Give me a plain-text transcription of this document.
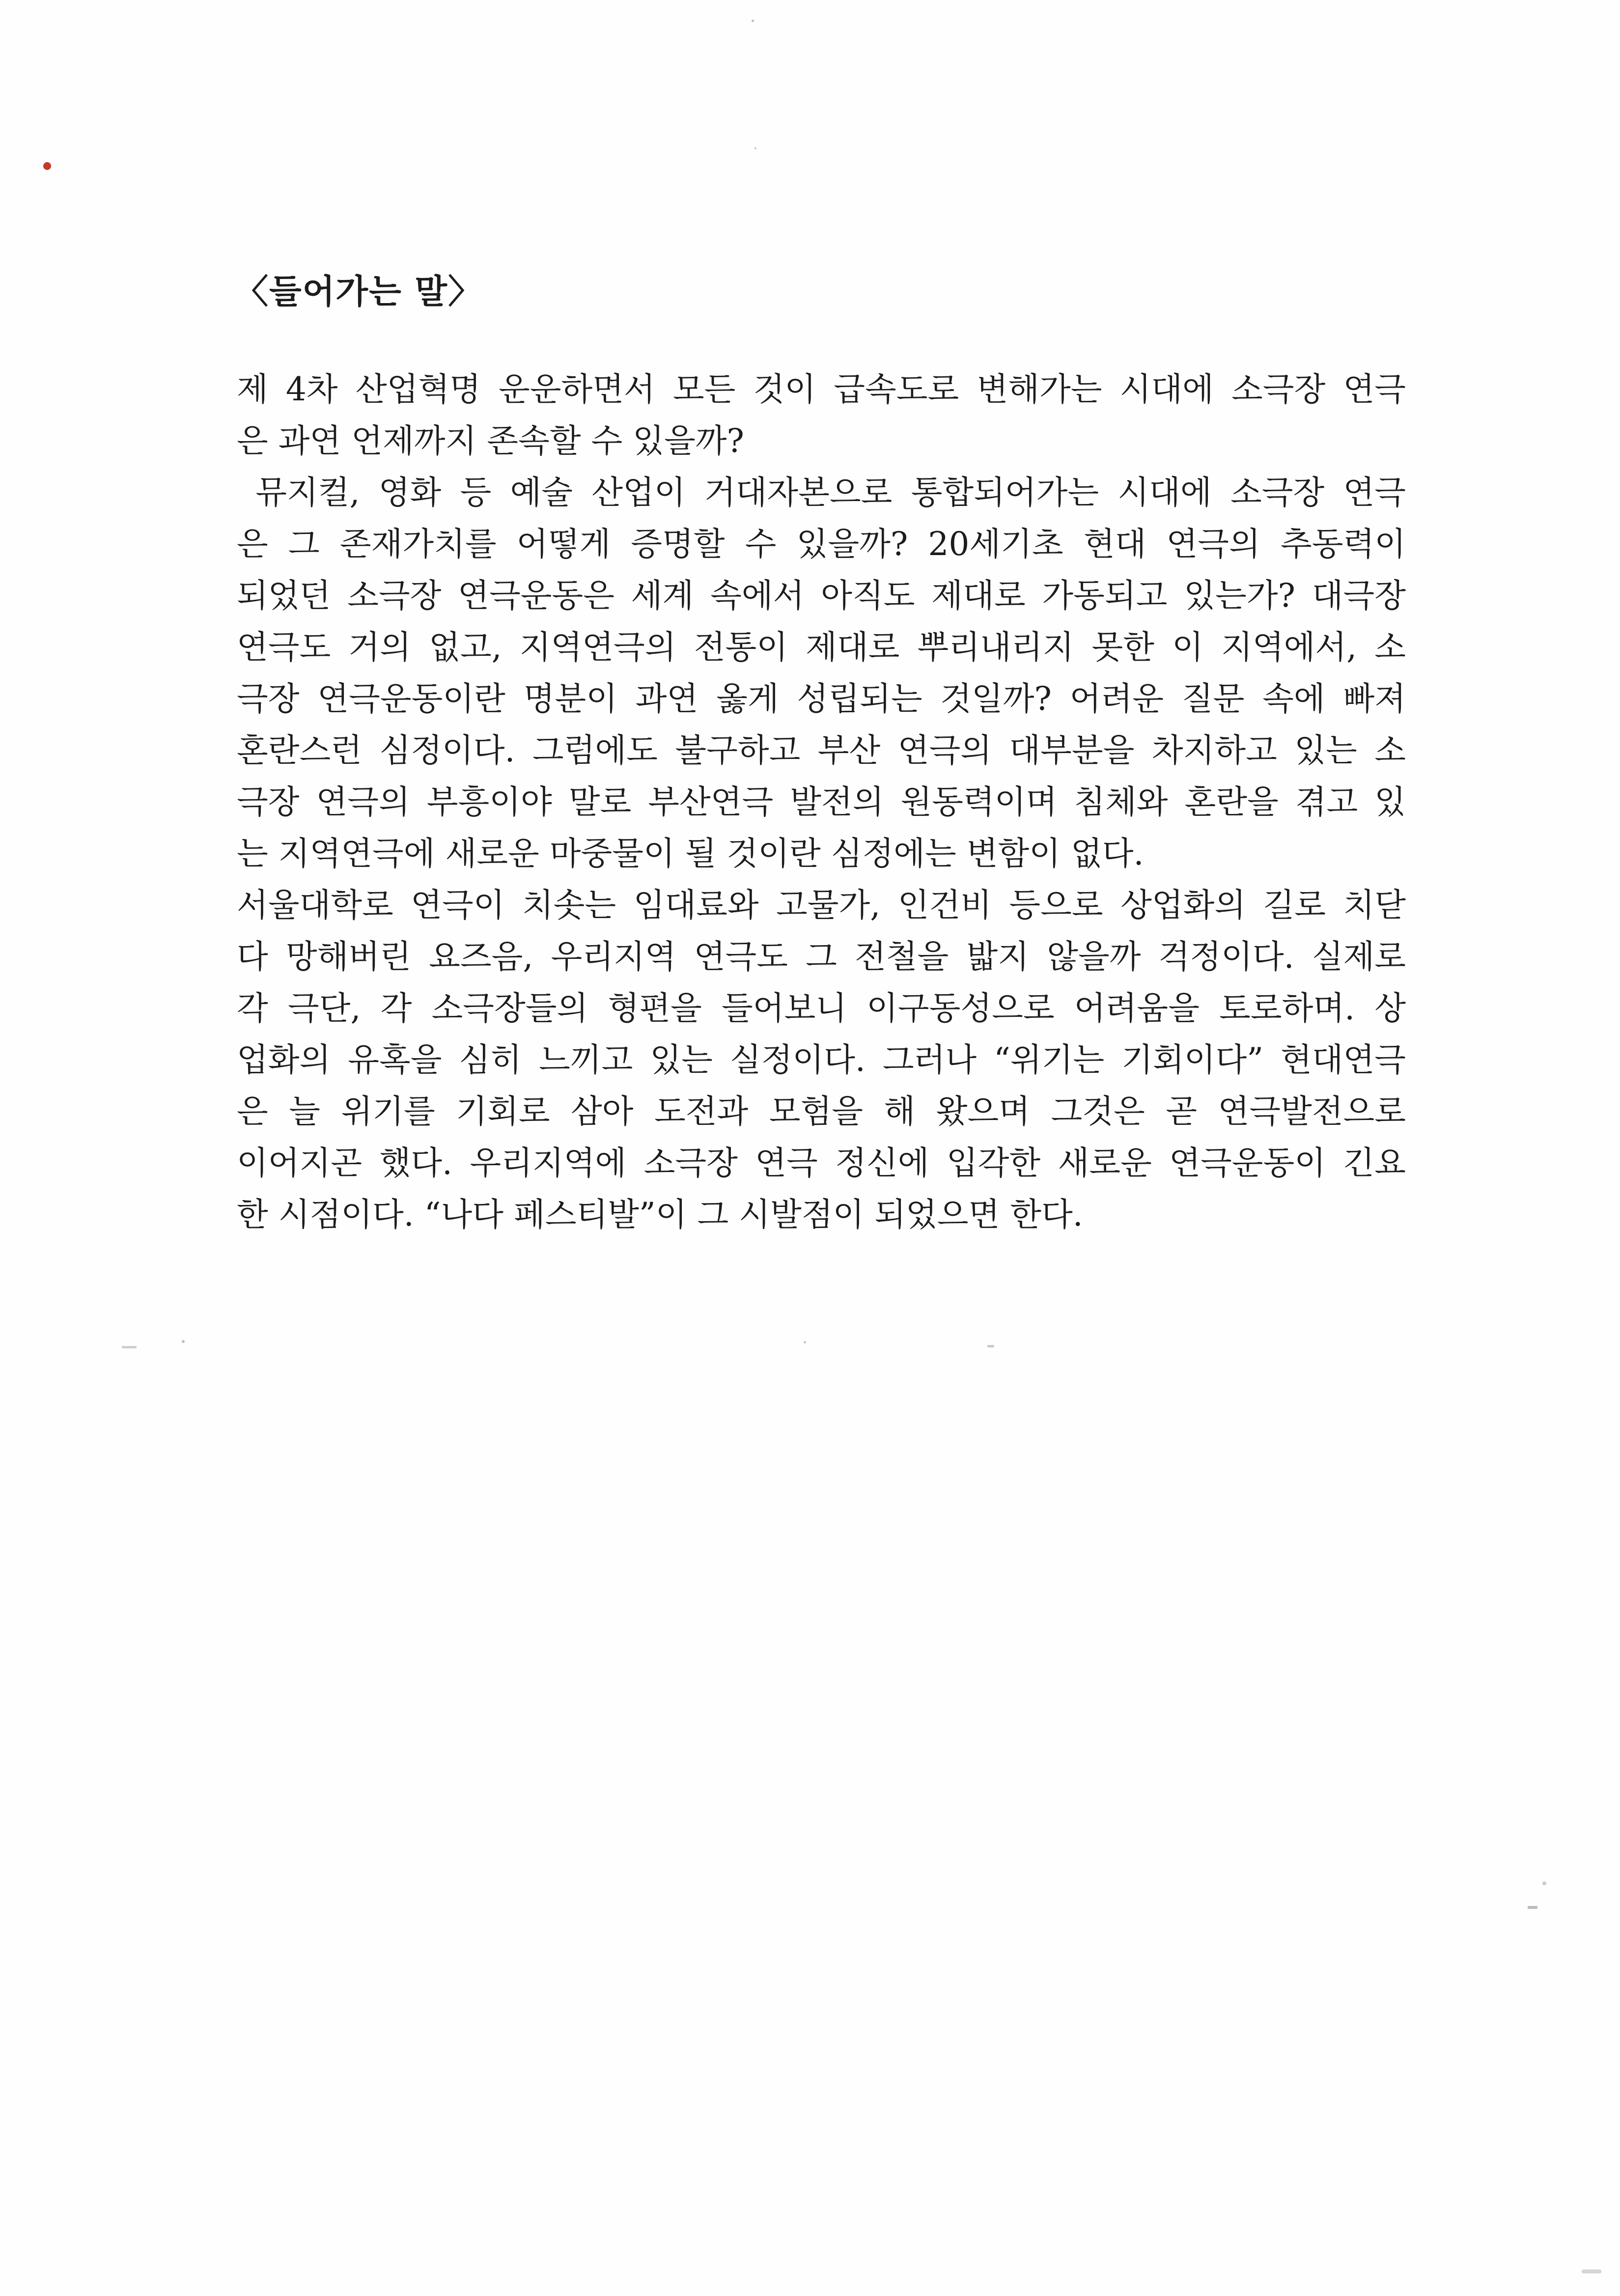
〈들어가는 말〉
제 4차 산업혁명 운운하면서 모든 것이 급속도로 변해가는 시대에 소극장 연극
은 과연 언제까지 존속할 수 있을까?
뮤지컬, 영화 등 예술 산업이 거대자본으로 통합되어가는 시대에 소극장 연극
은 그 존재가치를 어떻게 증명할 수 있을까? 20세기초 현대 연극의 추동력이
되었던 소극장 연극운동은 세계 속에서 아직도 제대로 가동되고 있는가? 대극장
연극도 거의 없고, 지역연극의 전통이 제대로 뿌리내리지 못한 이 지역에서, 소
극장 연극운동이란 명분이 과연 옳게 성립되는 것일까? 어려운 질문 속에 빠져
혼란스런 심정이다. 그럼에도 불구하고 부산 연극의 대부분을 차지하고 있는 소
극장 연극의 부흥이야 말로 부산연극 발전의 원동력이며 침체와 혼란을 겪고 있
는 지역연극에 새로운 마중물이 될 것이란 심정에는 변함이 없다.
서울대학로 연극이 치솟는 임대료와 고물가, 인건비 등으로 상업화의 길로 치닫
다 망해버린 요즈음, 우리지역 연극도 그 전철을 밟지 않을까 걱정이다. 실제로
각 극단, 각 소극장들의 형편을 들어보니 이구동성으로 어려움을 토로하며. 상
업화의 유혹을 심히 느끼고 있는 실정이다. 그러나 “위기는 기회이다” 현대연극
은 늘 위기를 기회로 삼아 도전과 모험을 해 왔으며 그것은 곧 연극발전으로
이어지곤 했다. 우리지역에 소극장 연극 정신에 입각한 새로운 연극운동이 긴요
한 시점이다. “나다 페스티발”이 그 시발점이 되었으면 한다.
